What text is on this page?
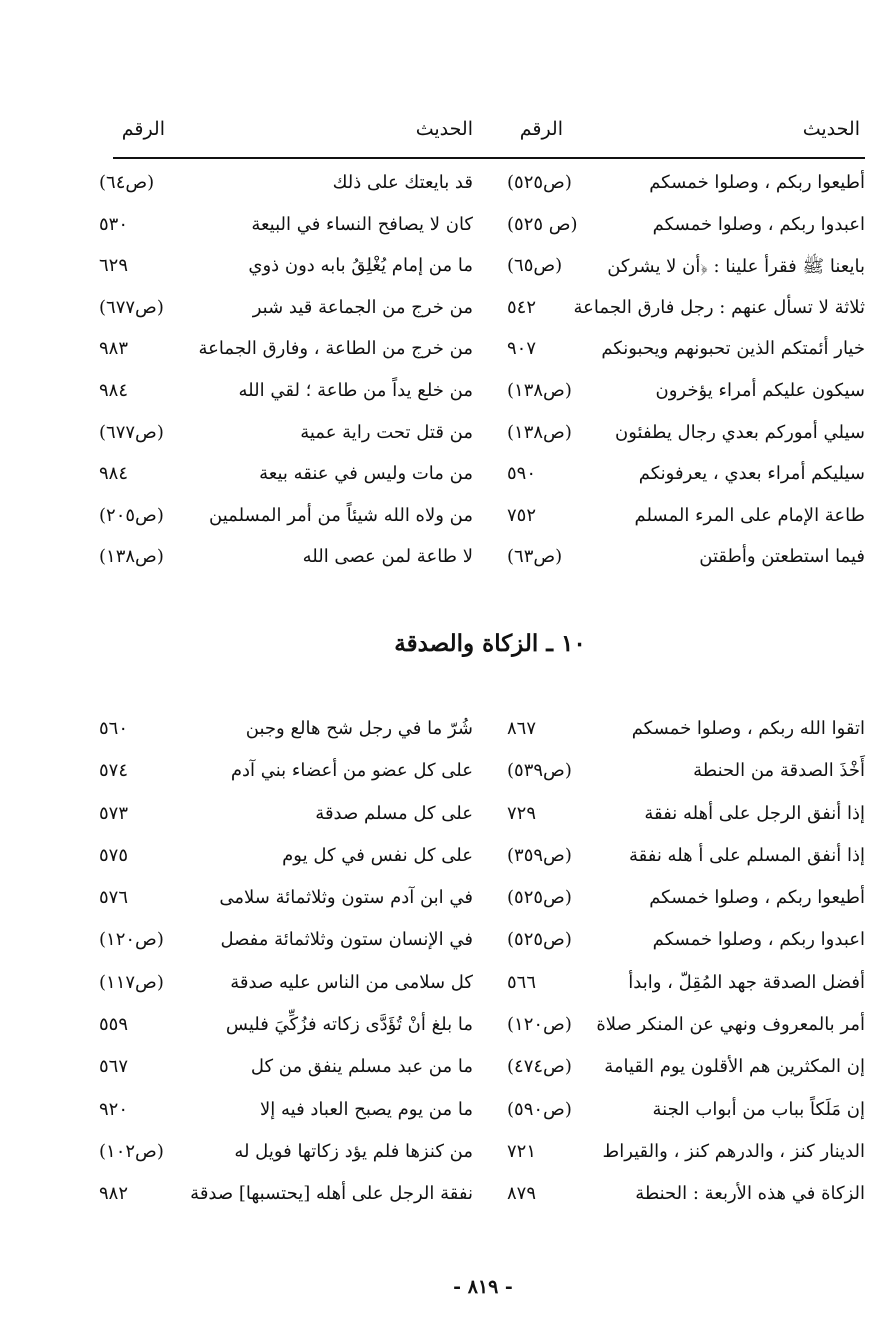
الحديث
الرقم
الحديث
الرقم
أطيعوا ربكم ، وصلوا خمسكم
(ص٥٢٥)
اعبدوا ربكم ، وصلوا خمسكم
(ص ٥٢٥)
بايعنا ﷺ فقرأ علينا : ﴿أن لا يشركن
(ص٦٥)
ثلاثة لا تسأل عنهم : رجل فارق الجماعة
٥٤٢
خيار أئمتكم الذين تحبونهم ويحبونكم
٩٠٧
سيكون عليكم أمراء يؤخرون
(ص١٣٨)
سيلي أموركم بعدي رجال يطفئون
(ص١٣٨)
سيليكم أمراء بعدي ، يعرفونكم
٥٩٠
طاعة الإمام على المرء المسلم
٧٥٢
فيما استطعتن وأطقتن
(ص٦٣)
قد بايعتك على ذلك
(ص٦٤)
كان لا يصافح النساء في البيعة
٥٣٠
ما من إمام يُغْلِقُ بابه دون ذوي
٦٢٩
من خرج من الجماعة قيد شبر
(ص٦٧٧)
من خرج من الطاعة ، وفارق الجماعة
٩٨٣
من خلع يداً من طاعة ؛ لقي الله
٩٨٤
من قتل تحت راية عمية
(ص٦٧٧)
من مات وليس في عنقه بيعة
٩٨٤
من ولاه الله شيئاً من أمر المسلمين
(ص٢٠٥)
لا طاعة لمن عصى الله
(ص١٣٨)
١٠ ـ الزكاة والصدقة
اتقوا الله ربكم ، وصلوا خمسكم
٨٦٧
أَخْذَ الصدقة من الحنطة
(ص٥٣٩)
إذا أنفق الرجل على أهله نفقة
٧٢٩
إذا أنفق المسلم على أ هله نفقة
(ص٣٥٩)
أطيعوا ربكم ، وصلوا خمسكم
(ص٥٢٥)
اعبدوا ربكم ، وصلوا خمسكم
(ص٥٢٥)
أفضل الصدقة جهد المُقِلّ ، وابدأ
٥٦٦
أمر بالمعروف ونهي عن المنكر صلاة
(ص١٢٠)
إن المكثرين هم الأقلون يوم القيامة
(ص٤٧٤)
إن مَلَكاً بباب من أبواب الجنة
(ص٥٩٠)
الدينار كنز ، والدرهم كنز ، والقيراط
٧٢١
الزكاة في هذه الأربعة : الحنطة
٨٧٩
شُرّ ما في رجل شح هالع وجبن
٥٦٠
على كل عضو من أعضاء بني آدم
٥٧٤
على كل مسلم صدقة
٥٧٣
على كل نفس في كل يوم
٥٧٥
في ابن آدم ستون وثلاثمائة سلامى
٥٧٦
في الإنسان ستون وثلاثمائة مفصل
(ص١٢٠)
كل سلامى من الناس عليه صدقة
(ص١١٧)
ما بلغ أنْ تُؤَدَّى زكاته فزُكِّيَ فليس
٥٥٩
ما من عبد مسلم ينفق من كل
٥٦٧
ما من يوم يصبح العباد فيه إلا
٩٢٠
من كنزها فلم يؤد زكاتها فويل له
(ص١٠٢)
نفقة الرجل على أهله [يحتسبها] صدقة
٩٨٢
- ٨١٩ -
